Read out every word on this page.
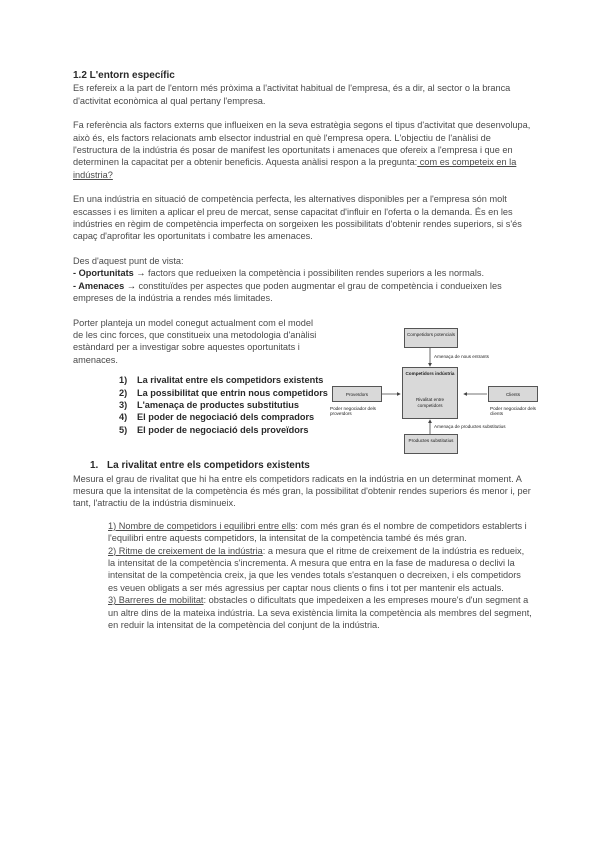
1.2 L'entorn específic

Es refereix a la part de l'entorn més pròxima a l'activitat habitual de l'empresa, és a dir, al sector o la branca d'activitat econòmica al qual pertany l'empresa.

Fa referència als factors externs que influeixen en la seva estratègia segons el tipus d'activitat que desenvolupa, això és, els factors relacionats amb elsector industrial en què l'empresa opera. L'objectiu de l'anàlisi de l'estructura de la indústria és posar de manifest les oportunitats i amenaces que ofereix a l'empresa i que en determinen la capacitat per a obtenir beneficis. Aquesta anàlisi respon a la pregunta: com es competeix en la indústria?

En una indústria en situació de competència perfecta, les alternatives disponibles per a l'empresa són molt escasses i es limiten a aplicar el preu de mercat, sense capacitat d'influir en l'oferta o la demanda. És en les indústries en règim de competència imperfecta on sorgeixen les possibilitats d'obtenir rendes superiors, si s'és capaç d'aprofitar les oportunitats i combatre les amenaces.

Des d'aquest punt de vista:

- Oportunitats → factors que redueixen la competència i possibiliten rendes superiors a les normals.

- Amenaces → constituïdes per aspectes que poden augmentar el grau de competència i condueixen les empreses de la indústria a rendes més limitades.

Porter planteja un model conegut actualment com el model de les cinc forces, que constitueix una metodologia d'anàlisi estàndard per a investigar sobre aquestes oportunitats i amenaces.

1)	La rivalitat entre els competidors existents
2)	La possibilitat que entrin nous competidors
3)	L'amenaça de productes substitutius
4)	El poder de negociació dels compradors
5)	El poder de negociació dels proveïdors
1. La rivalitat entre els competidors existents

Mesura el grau de rivalitat que hi ha entre els competidors radicats en la indústria en un determinat moment. A mesura que la intensitat de la competència és més gran, la possibilitat d'obtenir rendes superiors és menor i, per tant, l'atractiu de la indústria disminueix.

1) Nombre de competidors i equilibri entre ells: com més gran és el nombre de competidors establerts i l'equilibri entre aquests competidors, la intensitat de la competència també és més gran.

2) Ritme de creixement de la indústria: a mesura que el ritme de creixement de la indústria es redueix, la intensitat de la competència s'incrementa. A mesura que entra en la fase de maduresa o declivi la intensitat de la competència creix, ja que les vendes totals s'estanquen o decreixen, i els competidors es veuen obligats a ser més agressius per captar nous clients o fins i tot per mantenir els actuals.

3) Barreres de mobilitat: obstacles o dificultats que impedeixen a les empreses moure's d'un segment a un altre dins de la mateixa indústria. La seva existència limita la competència als membres del segment, en reduir la intensitat de la competència del conjunt de la indústria.

Competidors potencials
Amenaça de nous entrants
Competidors indústria
Rivalitat entre competidors
Proveïdors
Poder negociador dels proveïdors
Clients
Poder negociador dels clients
Amenaça de productes substitutius
Productes substitutius
